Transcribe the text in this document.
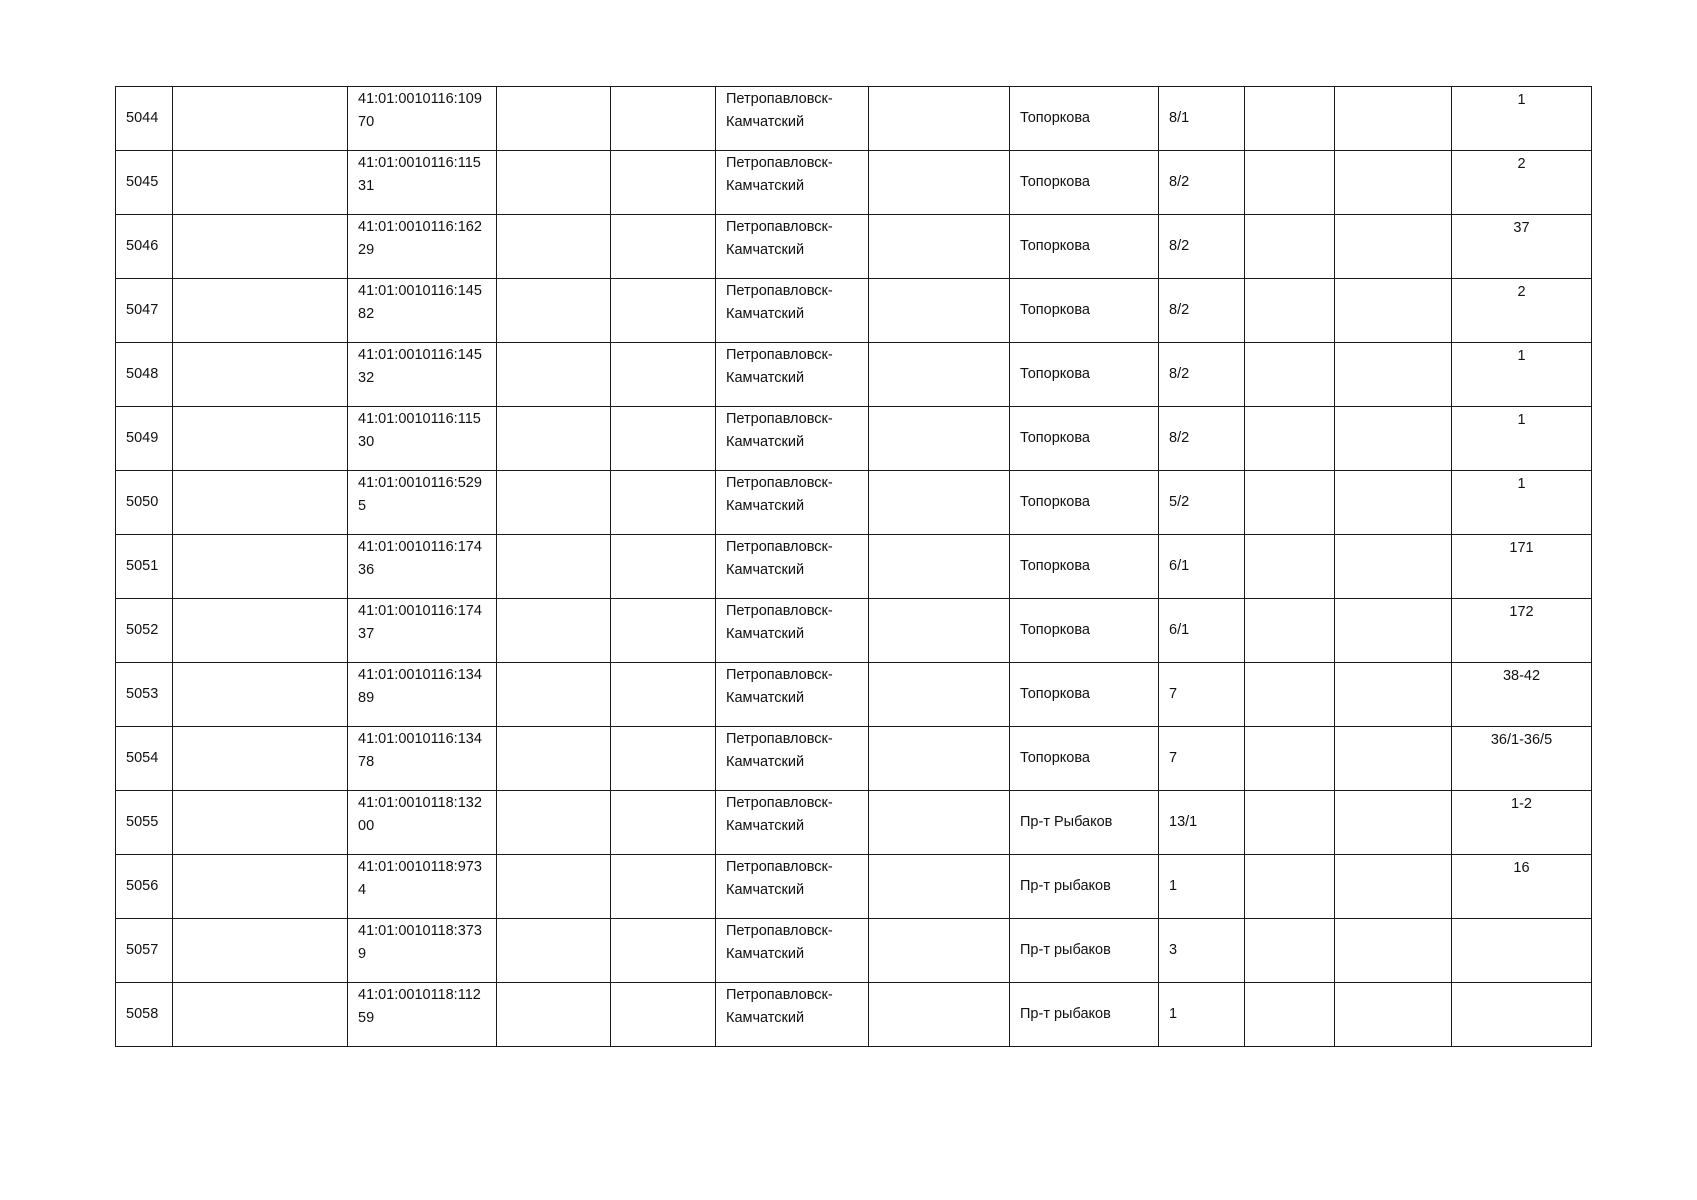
5044		41:01:0010116:10970			Петропавловск-Камчатский		Топоркова	8/1			1
5045		41:01:0010116:11531			Петропавловск-Камчатский		Топоркова	8/2			2
5046		41:01:0010116:16229			Петропавловск-Камчатский		Топоркова	8/2			37
5047		41:01:0010116:14582			Петропавловск-Камчатский		Топоркова	8/2			2
5048		41:01:0010116:14532			Петропавловск-Камчатский		Топоркова	8/2			1
5049		41:01:0010116:11530			Петропавловск-Камчатский		Топоркова	8/2			1
5050		41:01:0010116:5295			Петропавловск-Камчатский		Топоркова	5/2			1
5051		41:01:0010116:17436			Петропавловск-Камчатский		Топоркова	6/1			171
5052		41:01:0010116:17437			Петропавловск-Камчатский		Топоркова	6/1			172
5053		41:01:0010116:13489			Петропавловск-Камчатский		Топоркова	7			38-42
5054		41:01:0010116:13478			Петропавловск-Камчатский		Топоркова	7			36/1-36/5
5055		41:01:0010118:13200			Петропавловск-Камчатский		Пр-т Рыбаков	13/1			1-2
5056		41:01:0010118:9734			Петропавловск-Камчатский		Пр-т рыбаков	1			16
5057		41:01:0010118:3739			Петропавловск-Камчатский		Пр-т рыбаков	3			
5058		41:01:0010118:11259			Петропавловск-Камчатский		Пр-т рыбаков	1			
